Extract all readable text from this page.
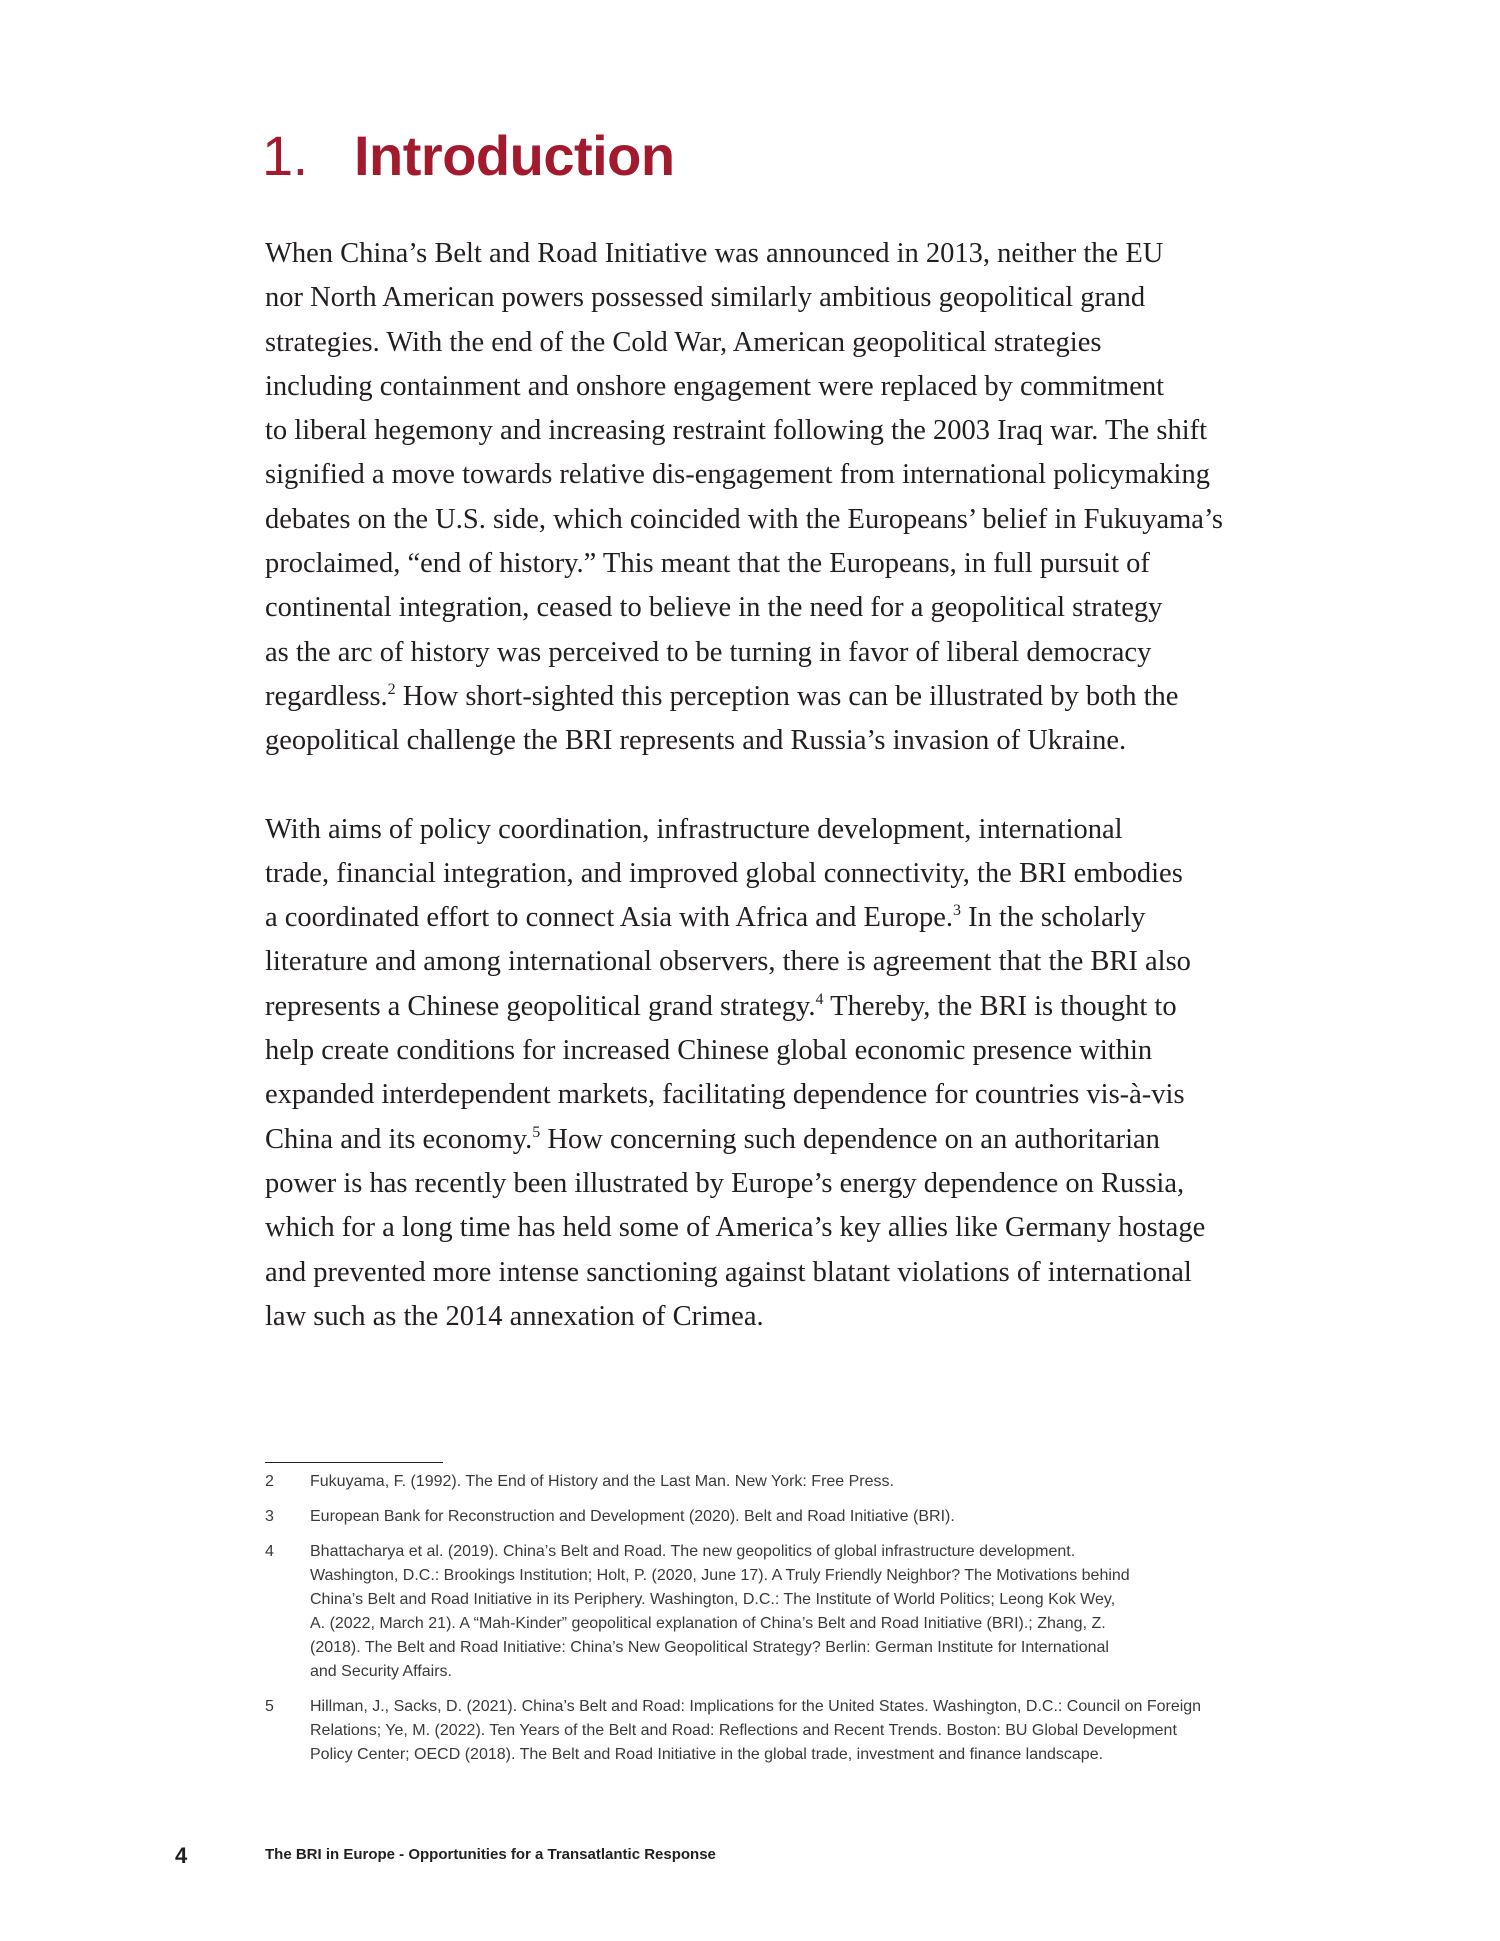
1. Introduction
When China’s Belt and Road Initiative was announced in 2013, neither the EU
nor North American powers possessed similarly ambitious geopolitical grand
strategies. With the end of the Cold War, American geopolitical strategies
including containment and onshore engagement were replaced by commitment
to liberal hegemony and increasing restraint following the 2003 Iraq war. The shift
signified a move towards relative dis-engagement from international policymaking
debates on the U.S. side, which coincided with the Europeans’ belief in Fukuyama’s
proclaimed, “end of history.” This meant that the Europeans, in full pursuit of
continental integration, ceased to believe in the need for a geopolitical strategy
as the arc of history was perceived to be turning in favor of liberal democracy
regardless.$^2$ How short-sighted this perception was can be illustrated by both the
geopolitical challenge the BRI represents and Russia’s invasion of Ukraine.
With aims of policy coordination, infrastructure development, international
trade, financial integration, and improved global connectivity, the BRI embodies
a coordinated effort to connect Asia with Africa and Europe.$^3$ In the scholarly
literature and among international observers, there is agreement that the BRI also
represents a Chinese geopolitical grand strategy.$^4$ Thereby, the BRI is thought to
help create conditions for increased Chinese global economic presence within
expanded interdependent markets, facilitating dependence for countries vis-à-vis
China and its economy.$^5$ How concerning such dependence on an authoritarian
power is has recently been illustrated by Europe’s energy dependence on Russia,
which for a long time has held some of America’s key allies like Germany hostage
and prevented more intense sanctioning against blatant violations of international
law such as the 2014 annexation of Crimea.
2 Fukuyama, F. (1992). The End of History and the Last Man. New York: Free Press.
3 European Bank for Reconstruction and Development (2020). Belt and Road Initiative (BRI).
4 Bhattacharya et al. (2019). China’s Belt and Road. The new geopolitics of global infrastructure development.
Washington, D.C.: Brookings Institution; Holt, P. (2020, June 17). A Truly Friendly Neighbor? The Motivations behind
China’s Belt and Road Initiative in its Periphery. Washington, D.C.: The Institute of World Politics; Leong Kok Wey,
A. (2022, March 21). A “Mah-Kinder” geopolitical explanation of China’s Belt and Road Initiative (BRI).; Zhang, Z.
(2018). The Belt and Road Initiative: China’s New Geopolitical Strategy? Berlin: German Institute for International
and Security Affairs.
5 Hillman, J., Sacks, D. (2021). China’s Belt and Road: Implications for the United States. Washington, D.C.: Council on Foreign
Relations; Ye, M. (2022). Ten Years of the Belt and Road: Reflections and Recent Trends. Boston: BU Global Development
Policy Center; OECD (2018). The Belt and Road Initiative in the global trade, investment and finance landscape.
4	The BRI in Europe - Opportunities for a Transatlantic Response
